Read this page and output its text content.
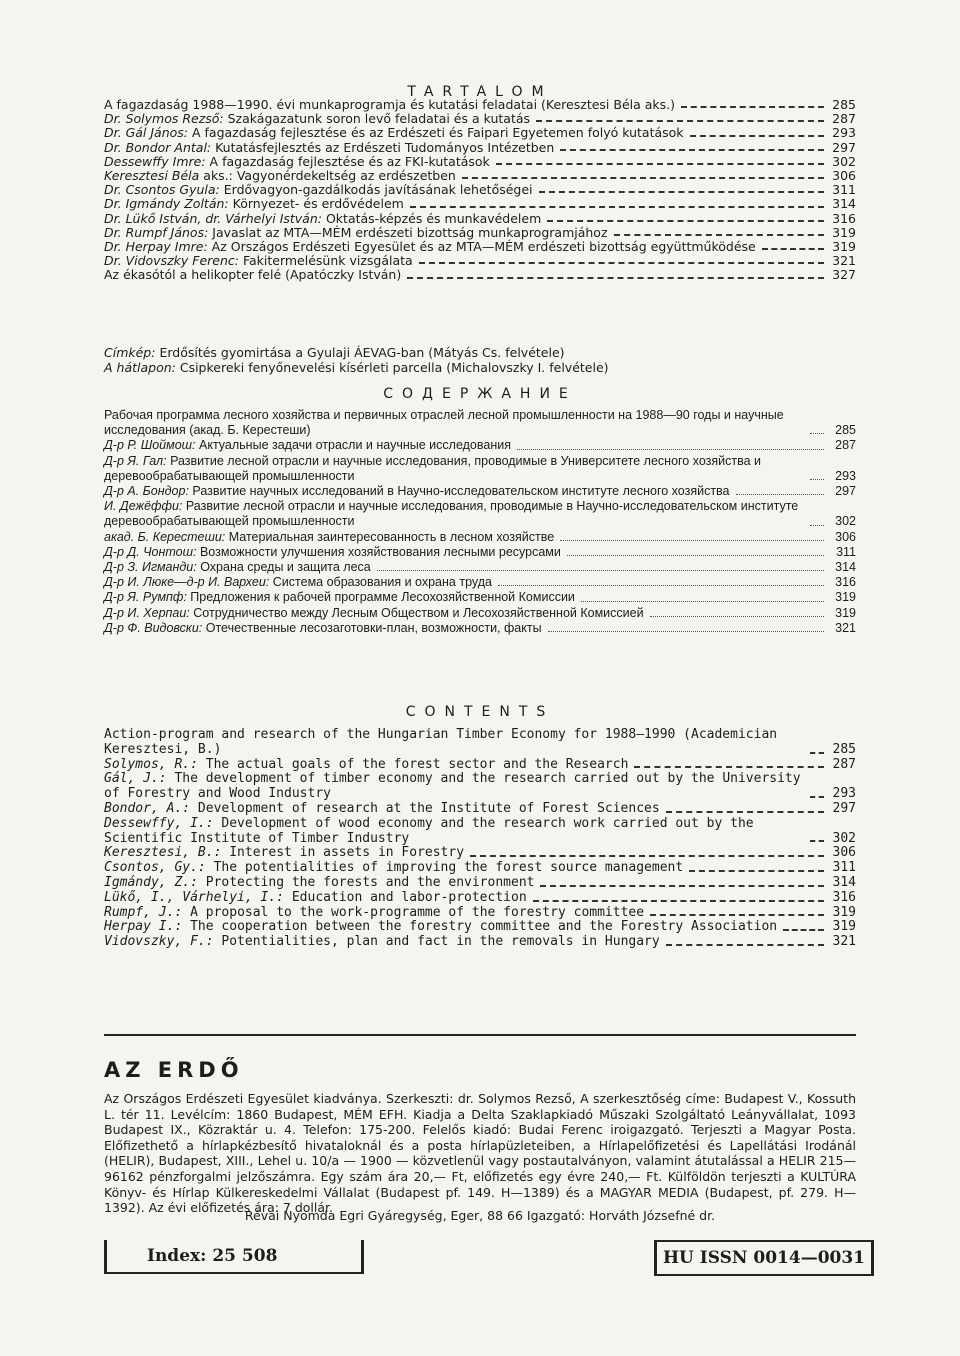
TARTALOM
A fagazdaság 1988—1990. évi munkaprogramja és kutatási feladatai (Keresztesi Béla aks.)	285
Dr. Solymos Rezső: Szakágazatunk soron levő feladatai és a kutatás	287
Dr. Gál János: A fagazdaság fejlesztése és az Erdészeti és Faipari Egyetemen folyó kutatások	293
Dr. Bondor Antal: Kutatásfejlesztés az Erdészeti Tudományos Intézetben	297
Dessewffy Imre: A fagazdaság fejlesztése és az FKI-kutatások	302
Keresztesi Béla aks.: Vagyonérdekeltség az erdészetben	306
Dr. Csontos Gyula: Erdővagyon-gazdálkodás javításának lehetőségei	311
Dr. Igmándy Zoltán: Környezet- és erdővédelem	314
Dr. Lükő István, dr. Várhelyi István: Oktatás-képzés és munkavédelem	316
Dr. Rumpf János: Javaslat az MTA—MÉM erdészeti bizottság munkaprogramjához	319
Dr. Herpay Imre: Az Országos Erdészeti Egyesület és az MTA—MÉM erdészeti bizottság együttműködése	319
Dr. Vidovszky Ferenc: Fakitermelésünk vizsgálata	321
Az ékasótól a helikopter felé (Apatóczky István)	327
Címkép: Erdősítés gyomirtása a Gyulaji ÁEVAG-ban (Mátyás Cs. felvétele)
A hátlapon: Csipkereki fenyőnevelési kísérleti parcella (Michalovszky I. felvétele)
СОДЕРЖАНИЕ
Рабочая программа лесного хозяйства и первичных отраслей лесной промышленности на 1988—90 годы и научные исследования (акад. Б. Керестеши)	285
Д-р Р. Шоймош: Актуальные задачи отрасли и научные исследования	287
Д-р Я. Гал: Развитие лесной отрасли и научные исследования, проводимые в Университете лесного хозяйства и деревообрабатывающей промышленности	293
Д-р А. Бондор: Развитие научных исследований в Научно-исследовательском институте лесного хозяйства	297
И. Дежёффи: Развитие лесной отрасли и научные исследования, проводимые в Научно-исследовательском институте деревообрабатывающей промышленности	302
акад. Б. Керестеши: Материальная заинтересованность в лесном хозяйстве	306
Д-р Д. Чонтош: Возможности улучшения хозяйствования лесными ресурсами	311
Д-р З. Игманди: Охрана среды и защита леса	314
Д-р И. Люке—д-р И. Вархеи: Система образования и охрана труда	316
Д-р Я. Румпф: Предложения к рабочей программе Лесохозяйственной Комиссии	319
Д-р И. Херпаи: Сотрудничество между Лесным Обществом и Лесохозяйственной Комиссией	319
Д-р Ф. Видовски: Отечественные лесозаготовки-план, возможности, факты	321
CONTENTS
Action-program and research of the Hungarian Timber Economy for 1988—1990 (Academician Keresztesi, B.)	285
Solymos, R.: The actual goals of the forest sector and the Research	287
Gál, J.: The development of timber economy and the research carried out by the University of Forestry and Wood Industry	293
Bondor, A.: Development of research at the Institute of Forest Sciences	297
Dessewffy, I.: Development of wood economy and the research work carried out by the Scientific Institute of Timber Industry	302
Keresztesi, B.: Interest in assets in Forestry	306
Csontos, Gy.: The potentialities of improving the forest source management	311
Igmándy, Z.: Protecting the forests and the environment	314
Lükő, I., Várhelyi, I.: Education and labor-protection	316
Rumpf, J.: A proposal to the work-programme of the forestry committee	319
Herpay I.: The cooperation between the forestry committee and the Forestry Association	319
Vidovszky, F.: Potentialities, plan and fact in the removals in Hungary	321
AZ ERDŐ

Az Országos Erdészeti Egyesület kiadványa. Szerkeszti: dr. Solymos Rezső, A szerkesztőség címe: Budapest V., Kossuth L. tér 11. Levélcím: 1860 Budapest, MÉM EFH. Kiadja a Delta Szaklapkiadó Műszaki Szolgáltató Leányvállalat, 1093 Budapest IX., Közraktár u. 4. Telefon: 175-200. Felelős kiadó: Budai Ferenc iroigazgató. Terjeszti a Magyar Posta. Előfizethető a hírlapkézbesítő hivataloknál és a posta hírlapüzleteiben, a Hírlapelőfizetési és Lapellátási Irodánál (HELIR), Budapest, XIII., Lehel u. 10/a — 1900 — közvetlenül vagy postautalványon, valamint átutalással a HELIR 215—96162 pénzforgalmi jelzőszámra. Egy szám ára 20,— Ft, előfizetés egy évre 240,— Ft. Külföldön terjeszti a KULTÚRA Könyv- és Hírlap Külkereskedelmi Vállalat (Budapest pf. 149. H—1389) és a MAGYAR MEDIA (Budapest, pf. 279. H—1392). Az évi előfizetés ára: 7 dollár.

Révai Nyomda Egri Gyáregység, Eger, 88 66 Igazgató: Horváth Józsefné dr.
Index: 25 508	HU ISSN 0014—0031
